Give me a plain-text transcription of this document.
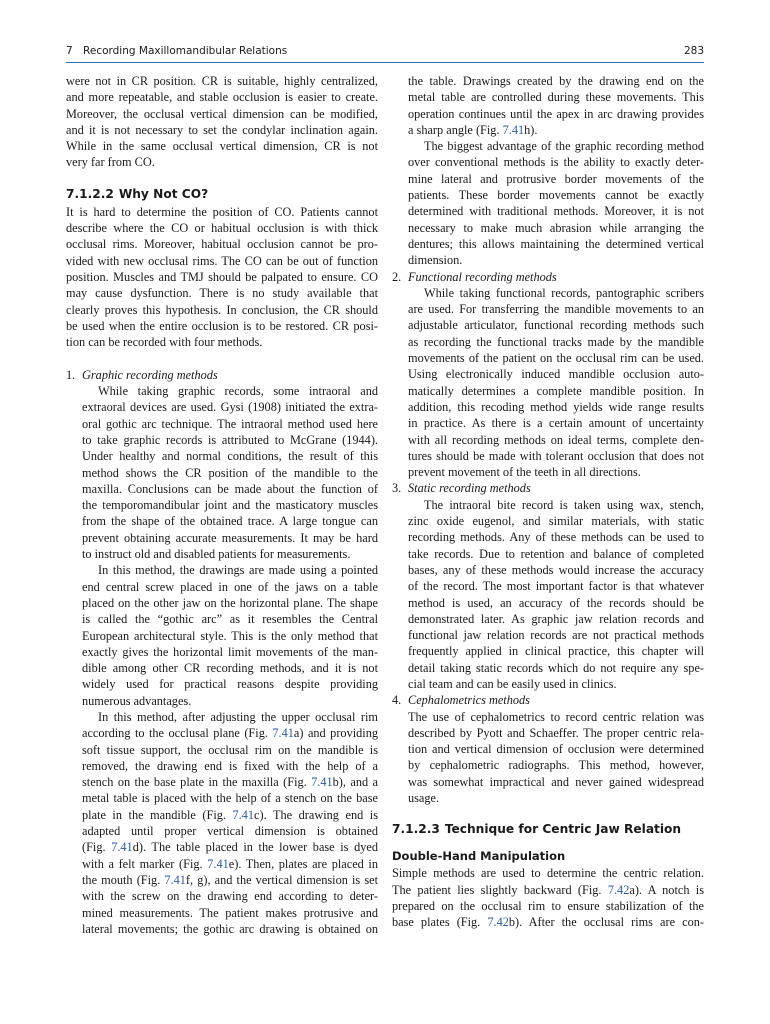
7 Recording Maxillomandibular Relations	283
were not in CR position. CR is suitable, highly centralized,
and more repeatable, and stable occlusion is easier to create.
Moreover, the occlusal vertical dimension can be modified,
and it is not necessary to set the condylar inclination again.
While in the same occlusal vertical dimension, CR is not
very far from CO.
7.1.2.2 Why Not CO?
It is hard to determine the position of CO. Patients cannot
describe where the CO or habitual occlusion is with thick
occlusal rims. Moreover, habitual occlusion cannot be pro-
vided with new occlusal rims. The CO can be out of function
position. Muscles and TMJ should be palpated to ensure. CO
may cause dysfunction. There is no study available that
clearly proves this hypothesis. In conclusion, the CR should
be used when the entire occlusion is to be restored. CR posi-
tion can be recorded with four methods.
1. Graphic recording methods
While taking graphic records, some intraoral and
extraoral devices are used. Gysi (1908) initiated the extra-
oral gothic arc technique. The intraoral method used here
to take graphic records is attributed to McGrane (1944).
Under healthy and normal conditions, the result of this
method shows the CR position of the mandible to the
maxilla. Conclusions can be made about the function of
the temporomandibular joint and the masticatory muscles
from the shape of the obtained trace. A large tongue can
prevent obtaining accurate measurements. It may be hard
to instruct old and disabled patients for measurements.
In this method, the drawings are made using a pointed
end central screw placed in one of the jaws on a table
placed on the other jaw on the horizontal plane. The shape
is called the “gothic arc” as it resembles the Central
European architectural style. This is the only method that
exactly gives the horizontal limit movements of the man-
dible among other CR recording methods, and it is not
widely used for practical reasons despite providing
numerous advantages.
In this method, after adjusting the upper occlusal rim
according to the occlusal plane (Fig. 7.41a) and providing
soft tissue support, the occlusal rim on the mandible is
removed, the drawing end is fixed with the help of a
stench on the base plate in the maxilla (Fig. 7.41b), and a
metal table is placed with the help of a stench on the base
plate in the mandible (Fig. 7.41c). The drawing end is
adapted until proper vertical dimension is obtained
(Fig. 7.41d). The table placed in the lower base is dyed
with a felt marker (Fig. 7.41e). Then, plates are placed in
the mouth (Fig. 7.41f, g), and the vertical dimension is set
with the screw on the drawing end according to deter-
mined measurements. The patient makes protrusive and
lateral movements; the gothic arc drawing is obtained on
the table. Drawings created by the drawing end on the
metal table are controlled during these movements. This
operation continues until the apex in arc drawing provides
a sharp angle (Fig. 7.41h).
The biggest advantage of the graphic recording method
over conventional methods is the ability to exactly deter-
mine lateral and protrusive border movements of the
patients. These border movements cannot be exactly
determined with traditional methods. Moreover, it is not
necessary to make much abrasion while arranging the
dentures; this allows maintaining the determined vertical
dimension.
2. Functional recording methods
While taking functional records, pantographic scribers
are used. For transferring the mandible movements to an
adjustable articulator, functional recording methods such
as recording the functional tracks made by the mandible
movements of the patient on the occlusal rim can be used.
Using electronically induced mandible occlusion auto-
matically determines a complete mandible position. In
addition, this recoding method yields wide range results
in practice. As there is a certain amount of uncertainty
with all recording methods on ideal terms, complete den-
tures should be made with tolerant occlusion that does not
prevent movement of the teeth in all directions.
3. Static recording methods
The intraoral bite record is taken using wax, stench,
zinc oxide eugenol, and similar materials, with static
recording methods. Any of these methods can be used to
take records. Due to retention and balance of completed
bases, any of these methods would increase the accuracy
of the record. The most important factor is that whatever
method is used, an accuracy of the records should be
demonstrated later. As graphic jaw relation records and
functional jaw relation records are not practical methods
frequently applied in clinical practice, this chapter will
detail taking static records which do not require any spe-
cial team and can be easily used in clinics.
4. Cephalometrics methods
The use of cephalometrics to record centric relation was
described by Pyott and Schaeffer. The proper centric rela-
tion and vertical dimension of occlusion were determined
by cephalometric radiographs. This method, however,
was somewhat impractical and never gained widespread
usage.
7.1.2.3 Technique for Centric Jaw Relation
Double-Hand Manipulation
Simple methods are used to determine the centric relation.
The patient lies slightly backward (Fig. 7.42a). A notch is
prepared on the occlusal rim to ensure stabilization of the
base plates (Fig. 7.42b). After the occlusal rims are con-
